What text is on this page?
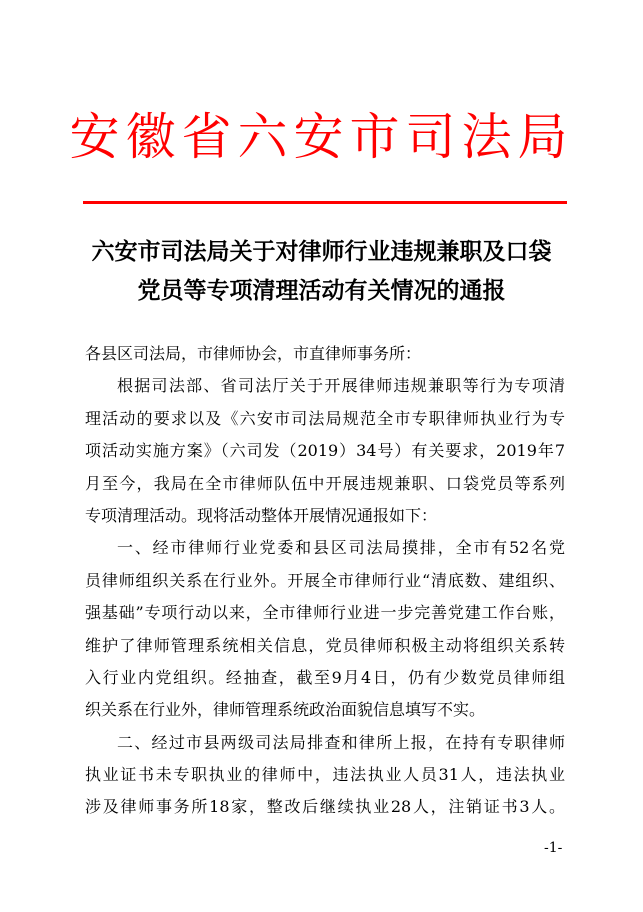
安徽省六安市司法局
六安市司法局关于对律师行业违规兼职及口袋
党员等专项清理活动有关情况的通报
各县区司法局，市律师协会，市直律师事务所：
根据司法部、省司法厅关于开展律师违规兼职等行为专项清
理活动的要求以及《六安市司法局规范全市专职律师执业行为专
项活动实施方案》（六司发（2019）34号）有关要求，2019年7
月至今，我局在全市律师队伍中开展违规兼职、口袋党员等系列
专项清理活动。现将活动整体开展情况通报如下：
一、经市律师行业党委和县区司法局摸排，全市有52名党
员律师组织关系在行业外。开展全市律师行业“清底数、建组织、
强基础”专项行动以来，全市律师行业进一步完善党建工作台账，
维护了律师管理系统相关信息，党员律师积极主动将组织关系转
入行业内党组织。经抽查，截至9月4日，仍有少数党员律师组
织关系在行业外，律师管理系统政治面貌信息填写不实。
二、经过市县两级司法局排查和律所上报，在持有专职律师
执业证书未专职执业的律师中，违法执业人员31人，违法执业
涉及律师事务所18家，整改后继续执业28人，注销证书3人。
-1-
